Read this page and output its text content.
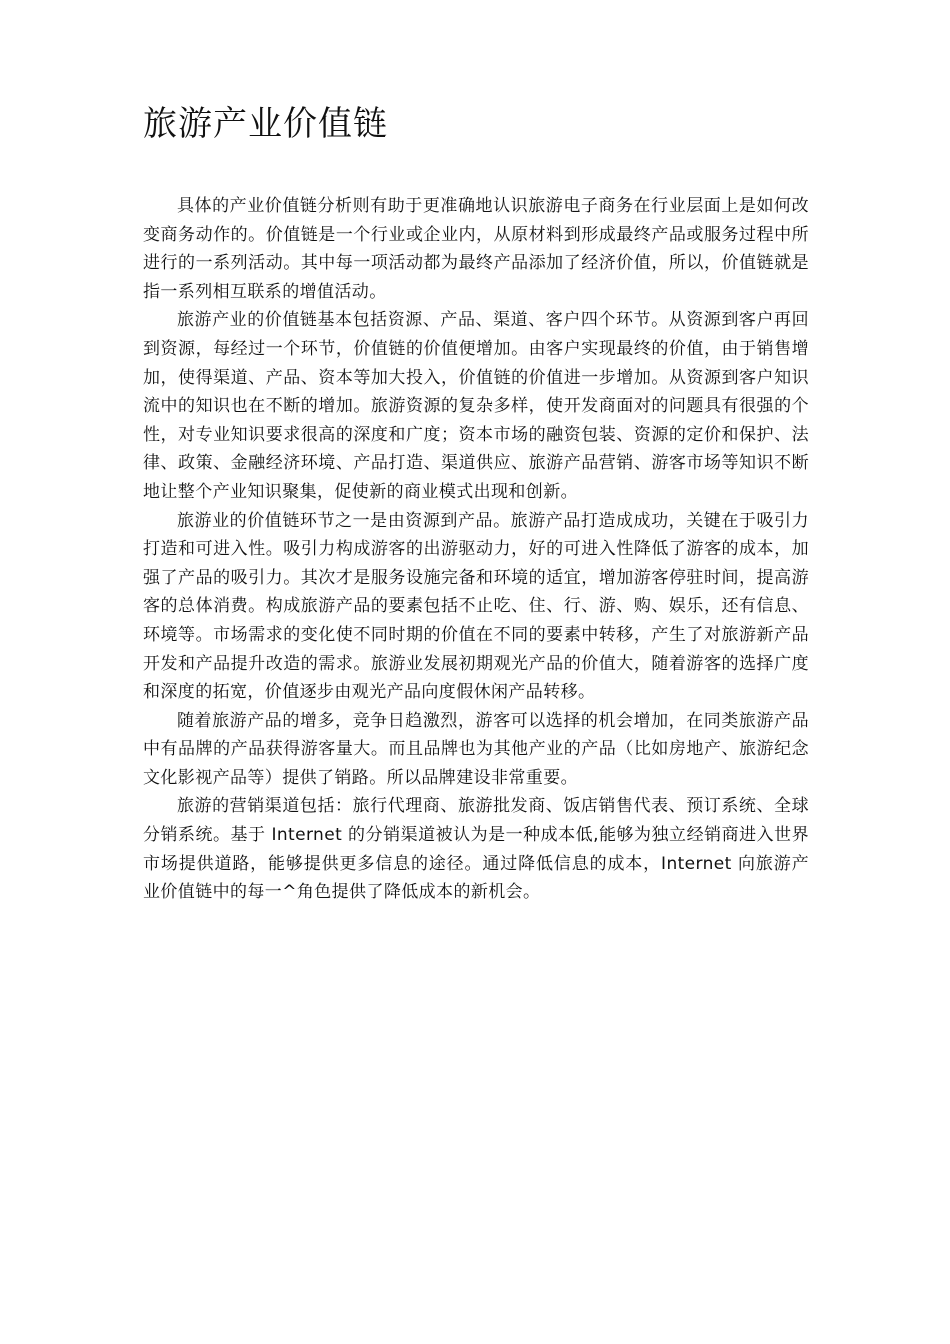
旅游产业价值链

具体的产业价值链分析则有助于更准确地认识旅游电子商务在行业层面上是如何改变商务动作的。价值链是一个行业或企业内，从原材料到形成最终产品或服务过程中所进行的一系列活动。其中每一项活动都为最终产品添加了经济价值，所以，价值链就是指一系列相互联系的增值活动。

旅游产业的价值链基本包括资源、产品、渠道、客户四个环节。从资源到客户再回到资源，每经过一个环节，价值链的价值便增加。由客户实现最终的价值，由于销售增加，使得渠道、产品、资本等加大投入，价值链的价值进一步增加。从资源到客户知识流中的知识也在不断的增加。旅游资源的复杂多样，使开发商面对的问题具有很强的个性，对专业知识要求很高的深度和广度；资本市场的融资包装、资源的定价和保护、法律、政策、金融经济环境、产品打造、渠道供应、旅游产品营销、游客市场等知识不断地让整个产业知识聚集，促使新的商业模式出现和创新。

旅游业的价值链环节之一是由资源到产品。旅游产品打造成成功，关键在于吸引力打造和可进入性。吸引力构成游客的出游驱动力，好的可进入性降低了游客的成本，加强了产品的吸引力。其次才是服务设施完备和环境的适宜，增加游客停驻时间，提高游客的总体消费。构成旅游产品的要素包括不止吃、住、行、游、购、娱乐，还有信息、环境等。市场需求的变化使不同时期的价值在不同的要素中转移，产生了对旅游新产品开发和产品提升改造的需求。旅游业发展初期观光产品的价值大，随着游客的选择广度和深度的拓宽，价值逐步由观光产品向度假休闲产品转移。

随着旅游产品的增多，竞争日趋激烈，游客可以选择的机会增加，在同类旅游产品中有品牌的产品获得游客量大。而且品牌也为其他产业的产品（比如房地产、旅游纪念文化影视产品等）提供了销路。所以品牌建设非常重要。

旅游的营销渠道包括：旅行代理商、旅游批发商、饭店销售代表、预订系统、全球分销系统。基于 Internet 的分销渠道被认为是一种成本低,能够为独立经销商进入世界市场提供道路，能够提供更多信息的途径。通过降低信息的成本，Internet 向旅游产业价值链中的每一^角色提供了降低成本的新机会。
